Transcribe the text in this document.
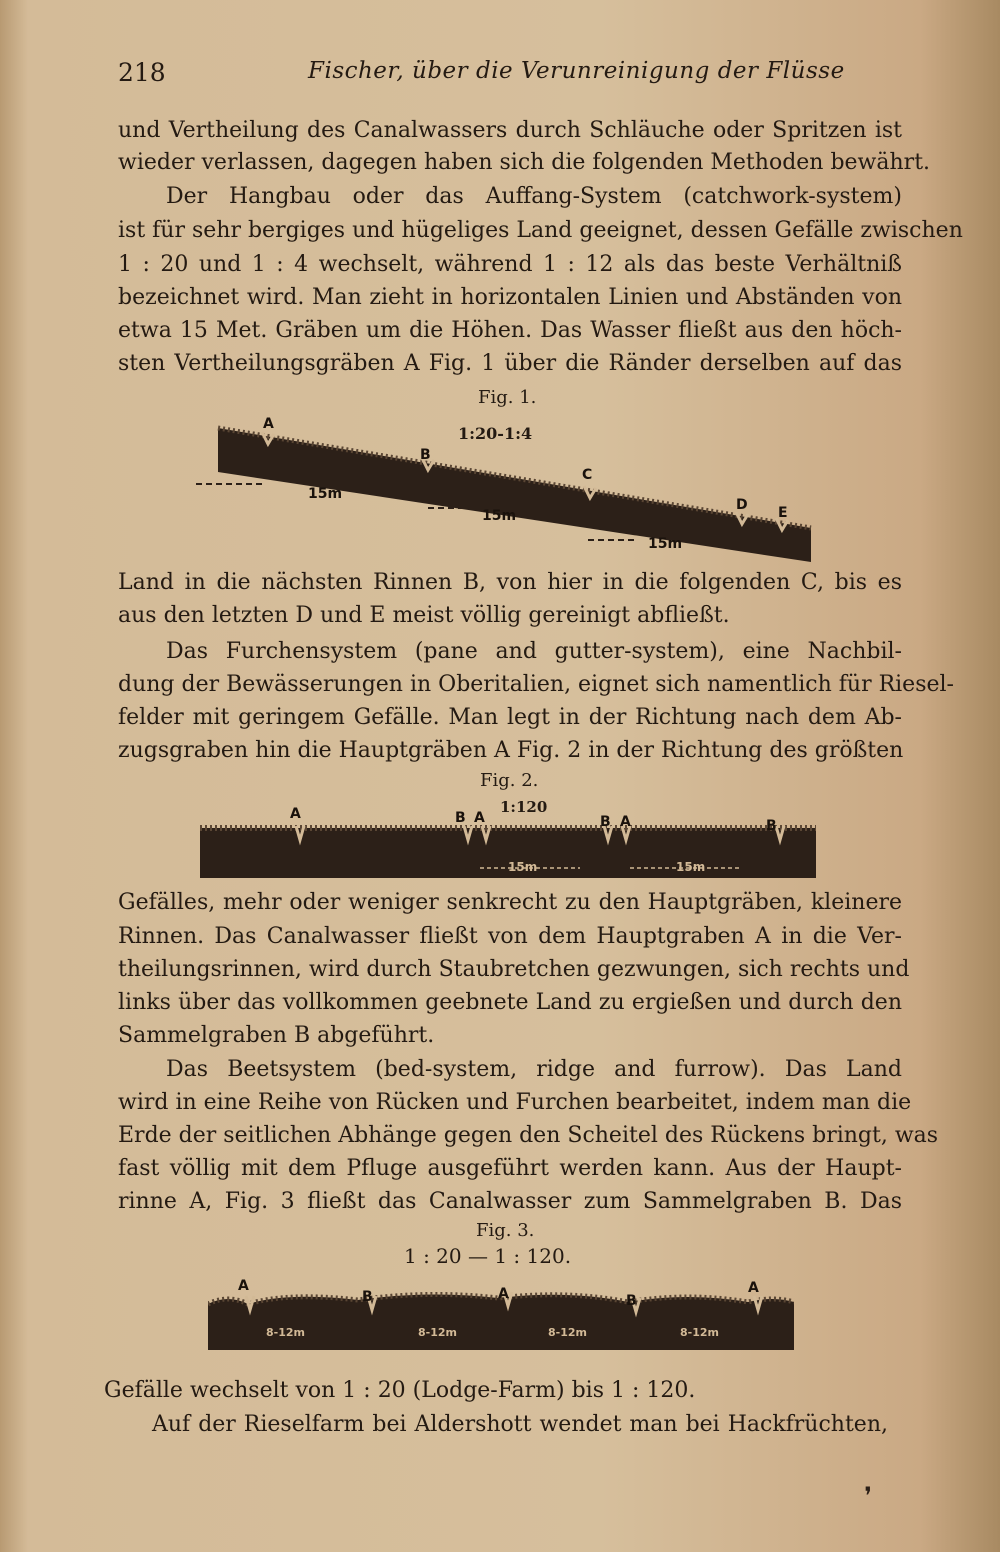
218	Fischer, über die Verunreinigung der Flüsse
und Vertheilung des Canalwassers durch Schläuche oder Spritzen ist
wieder verlassen, dagegen haben sich die folgenden Methoden bewährt.
Der Hangbau oder das Auffang-System (catchwork-system)
ist für sehr bergiges und hügeliges Land geeignet, dessen Gefälle zwischen
1 : 20 und 1 : 4 wechselt, während 1 : 12 als das beste Verhältniß
bezeichnet wird. Man zieht in horizontalen Linien und Abständen von
etwa 15 Met. Gräben um die Höhen. Das Wasser fließt aus den höch-
sten Vertheilungsgräben A Fig. 1 über die Ränder derselben auf das
Fig. 1.
1:20-1:4
A
B
C
D E
15m
15m
15m
Land in die nächsten Rinnen B, von hier in die folgenden C, bis es
aus den letzten D und E meist völlig gereinigt abfließt.
Das Furchensystem (pane and gutter-system), eine Nachbil-
dung der Bewässerungen in Oberitalien, eignet sich namentlich für Riesel-
felder mit geringem Gefälle. Man legt in der Richtung nach dem Ab-
zugsgraben hin die Hauptgräben A Fig. 2 in der Richtung des größten
Fig. 2.
1:120
A	B A	B A	B
15m	15m
Gefälles, mehr oder weniger senkrecht zu den Hauptgräben, kleinere
Rinnen. Das Canalwasser fließt von dem Hauptgraben A in die Ver-
theilungsrinnen, wird durch Staubretchen gezwungen, sich rechts und
links über das vollkommen geebnete Land zu ergießen und durch den
Sammelgraben B abgeführt.
Das Beetsystem (bed-system, ridge and furrow). Das Land
wird in eine Reihe von Rücken und Furchen bearbeitet, indem man die
Erde der seitlichen Abhänge gegen den Scheitel des Rückens bringt, was
fast völlig mit dem Pfluge ausgeführt werden kann. Aus der Haupt-
rinne A, Fig. 3 fließt das Canalwasser zum Sammelgraben B. Das
Fig. 3.
1 : 20 — 1 : 120.
A
B	A	B
A
8-12m	8-12m	8-12m	8-12m
Gefälle wechselt von 1 : 20 (Lodge-Farm) bis 1 : 120.
Auf der Rieselfarm bei Aldershott wendet man bei Hackfrüchten,
❜
